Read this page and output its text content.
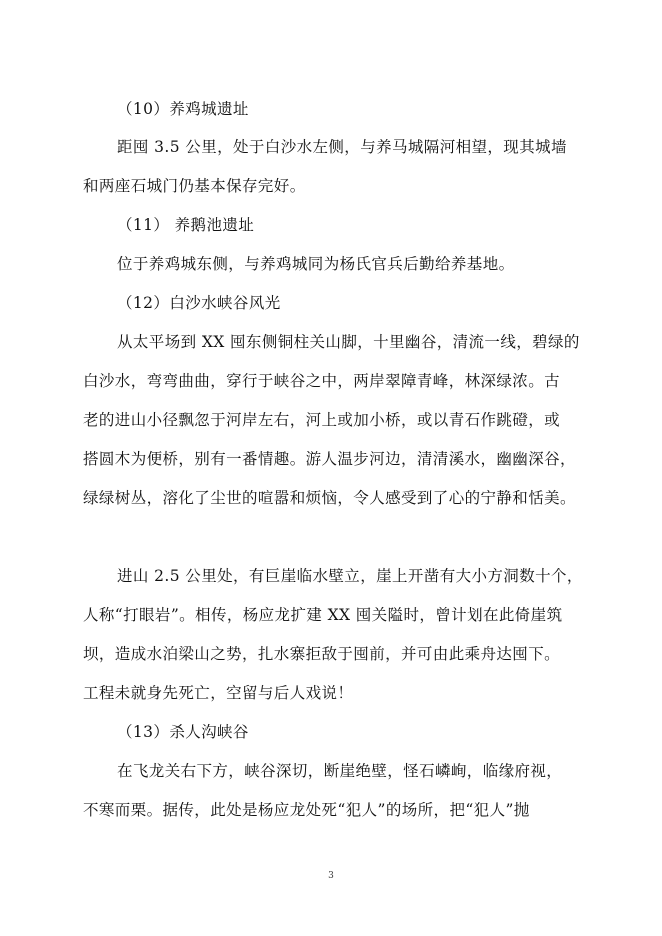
（10）养鸡城遗址
距囤 3.5 公里，处于白沙水左侧，与养马城隔河相望，现其城墙
和两座石城门仍基本保存完好。
（11） 养鹅池遗址
位于养鸡城东侧，与养鸡城同为杨氏官兵后勤给养基地。
（12）白沙水峡谷风光
从太平场到 XX 囤东侧铜柱关山脚，十里幽谷，清流一线，碧绿的
白沙水，弯弯曲曲，穿行于峡谷之中，两岸翠障青峰，林深绿浓。古
老的进山小径飘忽于河岸左右，河上或加小桥，或以青石作跳磴，或
搭圆木为便桥，别有一番情趣。游人温步河边，清清溪水，幽幽深谷，
绿绿树丛，溶化了尘世的喧嚣和烦恼，令人感受到了心的宁静和恬美。
进山 2.5 公里处，有巨崖临水壁立，崖上开凿有大小方洞数十个，
人称“打眼岩”。相传，杨应龙扩建 XX 囤关隘时，曾计划在此倚崖筑
坝，造成水泊梁山之势，扎水寨拒敌于囤前，并可由此乘舟达囤下。
工程未就身先死亡，空留与后人戏说！
（13）杀人沟峡谷
在飞龙关右下方，峡谷深切，断崖绝壁，怪石嶙峋，临缘府视，
不寒而栗。据传，此处是杨应龙处死“犯人”的场所，把“犯人”抛
3
